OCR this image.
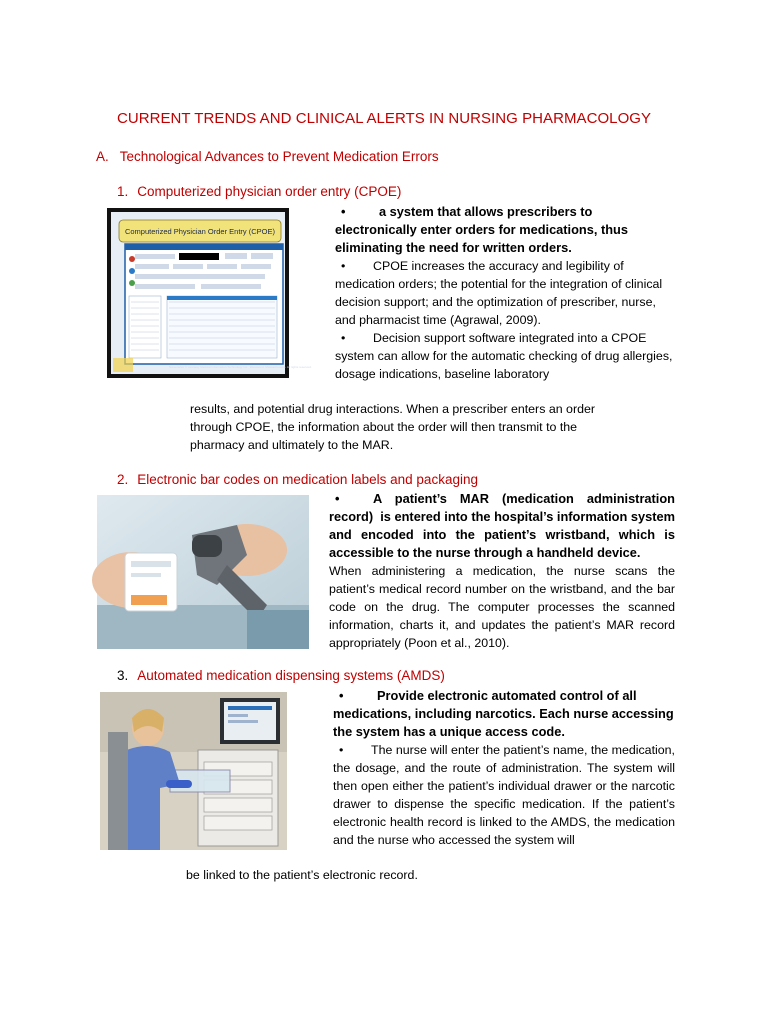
CURRENT TRENDS AND CLINICAL ALERTS IN NURSING PHARMACOLOGY
A.   Technological Advances to Prevent Medication Errors
1. Computerized physician order entry (CPOE)
Computerized Physician Order Entry (CPOE)
Screenshot © courtesy Medical Information Technology Inc., Westwood, Massachusetts. All rights reserved.

•	a system that allows prescribers to electronically enter orders for medications, thus eliminating the need for written orders.

• CPOE increases the accuracy and legibility of medication orders; the potential for the integration of clinical decision support; and the optimization of prescriber, nurse, and pharmacist time (Agrawal, 2009).

• Decision support software integrated into a CPOE system can allow for the automatic checking of drug allergies, dosage indications, baseline laboratory

results, and potential drug interactions. When a prescriber enters an order

through CPOE, the information about the order will then transmit to the

pharmacy and ultimately to the MAR.

2. Electronic bar codes on medication labels and packaging

•	A patient’s MAR (medication administration record)  is entered into the hospital’s information system and encoded into the patient’s wristband, which is accessible to the nurse through a handheld device.

When administering a medication, the nurse scans the patient’s medical record number on the wristband, and the bar code on the drug. The computer processes the scanned information, charts it, and updates the patient’s MAR record appropriately (Poon et al., 2010).

3. Automated medication dispensing systems (AMDS)

•	Provide electronic automated control of all medications, including narcotics. Each nurse accessing the system has a unique access code.

• The nurse will enter the patient’s name, the medication, the dosage, and the route of administration. The system will then open either the patient’s individual drawer or the narcotic drawer to dispense the specific medication. If the patient’s electronic health record is linked to the AMDS, the medication and the nurse who accessed the system will

be linked to the patient’s electronic record.
